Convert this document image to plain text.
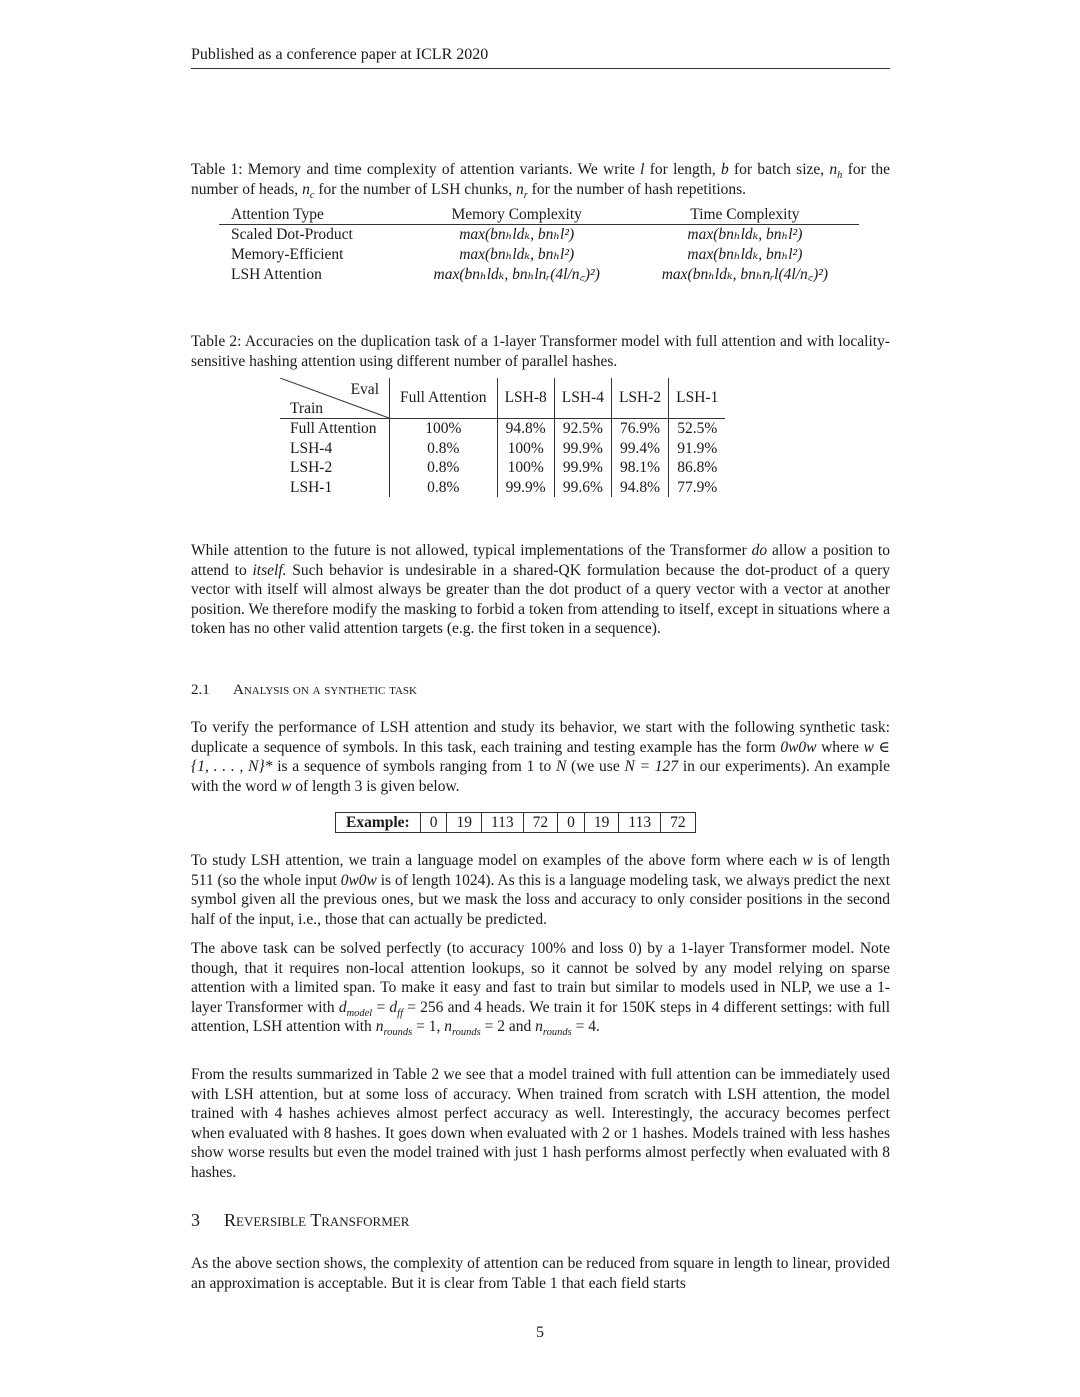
Published as a conference paper at ICLR 2020
Table 1: Memory and time complexity of attention variants. We write l for length, b for batch size, $n_h$ for the number of heads, $n_c$ for the number of LSH chunks, $n_r$ for the number of hash repetitions.
Attention Type	Memory Complexity	Time Complexity
Scaled Dot-Product	max(bnₕldₖ, bnₕl²)	max(bnₕldₖ, bnₕl²)
Memory-Efficient	max(bnₕldₖ, bnₕl²)	max(bnₕldₖ, bnₕl²)
LSH Attention	max(bnₕldₖ, bnₕlnᵣ(4l/n꜀)²)	max(bnₕldₖ, bnₕnᵣl(4l/n꜀)²)
Table 2: Accuracies on the duplication task of a 1-layer Transformer model with full attention and with locality-sensitive hashing attention using different number of parallel hashes.
Eval
Train	Full Attention	LSH-8	LSH-4	LSH-2	LSH-1
Full Attention	100%	94.8%	92.5%	76.9%	52.5%
LSH-4	0.8%	100%	99.9%	99.4%	91.9%
LSH-2	0.8%	100%	99.9%	98.1%	86.8%
LSH-1	0.8%	99.9%	99.6%	94.8%	77.9%
While attention to the future is not allowed, typical implementations of the Transformer do allow a position to attend to itself. Such behavior is undesirable in a shared-QK formulation because the dot-product of a query vector with itself will almost always be greater than the dot product of a query vector with a vector at another position. We therefore modify the masking to forbid a token from attending to itself, except in situations where a token has no other valid attention targets (e.g. the first token in a sequence).
2.1 Analysis on a synthetic task
To verify the performance of LSH attention and study its behavior, we start with the following synthetic task: duplicate a sequence of symbols. In this task, each training and testing example has the form 0w0w where w ∈ {1, . . . , N}* is a sequence of symbols ranging from 1 to N (we use N = 127 in our experiments). An example with the word w of length 3 is given below.
Example:	0	19	113	72	0	19	113	72
To study LSH attention, we train a language model on examples of the above form where each w is of length 511 (so the whole input 0w0w is of length 1024). As this is a language modeling task, we always predict the next symbol given all the previous ones, but we mask the loss and accuracy to only consider positions in the second half of the input, i.e., those that can actually be predicted.
The above task can be solved perfectly (to accuracy 100% and loss 0) by a 1-layer Transformer model. Note though, that it requires non-local attention lookups, so it cannot be solved by any model relying on sparse attention with a limited span. To make it easy and fast to train but similar to models used in NLP, we use a 1-layer Transformer with $d_{model} = d_{ff} = 256$ and 4 heads. We train it for 150K steps in 4 different settings: with full attention, LSH attention with $n_{rounds} = 1$, $n_{rounds} = 2$ and $n_{rounds} = 4$.
From the results summarized in Table 2 we see that a model trained with full attention can be immediately used with LSH attention, but at some loss of accuracy. When trained from scratch with LSH attention, the model trained with 4 hashes achieves almost perfect accuracy as well. Interestingly, the accuracy becomes perfect when evaluated with 8 hashes. It goes down when evaluated with 2 or 1 hashes. Models trained with less hashes show worse results but even the model trained with just 1 hash performs almost perfectly when evaluated with 8 hashes.
3 Reversible Transformer
As the above section shows, the complexity of attention can be reduced from square in length to linear, provided an approximation is acceptable. But it is clear from Table 1 that each field starts
5
